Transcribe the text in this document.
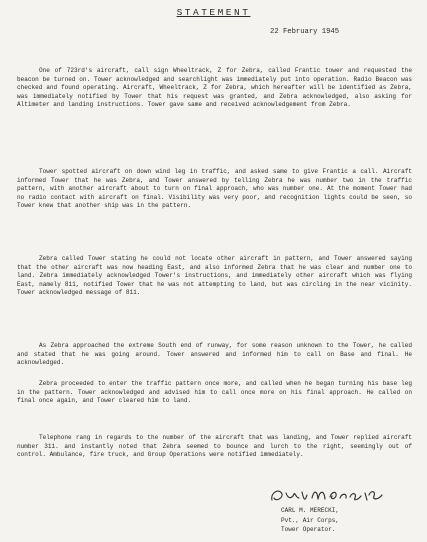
STATEMENT
22 February 1945
One of 723rd's aircraft, call sign Wheeltrack, Z for Zebra, called Frantic tower and requested the beacon be turned on. Tower acknowledged and searchlight was immediately put into operation. Radio Beacon was checked and found operating. Aircraft, Wheeltrack, Z for Zebra, which hereafter will be identified as Zebra, was immediately notified by Tower that his request was granted, and Zebra acknowledged, also asking for Altimeter and landing instructions. Tower gave same and received acknowledgement from Zebra.
Tower spotted aircraft on down wind leg in traffic, and asked same to give Frantic a call. Aircraft informed Tower that he was Zebra, and Tower answered by telling Zebra he was number two in the traffic pattern, with another aircraft about to turn on final approach, who was number one. At the moment Tower had no radio contact with aircraft on final. Visibility was very poor, and recognition lights could be seen, so Tower knew that another ship was in the pattern.
Zebra called Tower stating he could not locate other aircraft in pattern, and Tower answered saying that the other aircraft was now heading East, and also informed Zebra that he was clear and number one to land. Zebra immediately acknowledged Tower's instructions, and immediately other aircraft which was flying East, namely 811, notified Tower that he was not attempting to land, but was circling in the near vicinity. Tower acknowledged message of 811.
As Zebra approached the extreme South end of runway, for some reason unknown to the Tower, he called and stated that he was going around. Tower answered and informed him to call on Base and final. He acknowledged.
Zebra proceeded to enter the traffic pattern once more, and called when he began turning his base leg in the pattern. Tower acknowledged and advised him to call once more on his final approach. He called on final once again, and Tower cleared him to land.
Telephone rang in regards to the number of the aircraft that was landing, and Tower replied aircraft number 311. and instantly noted that Zebra seemed to bounce and lurch to the right, seemingly out of control. Ambulance, fire truck, and Group Operations were notified immediately.
CARL M. MERECKI,
Pvt., Air Corps,
Tower Operator.
